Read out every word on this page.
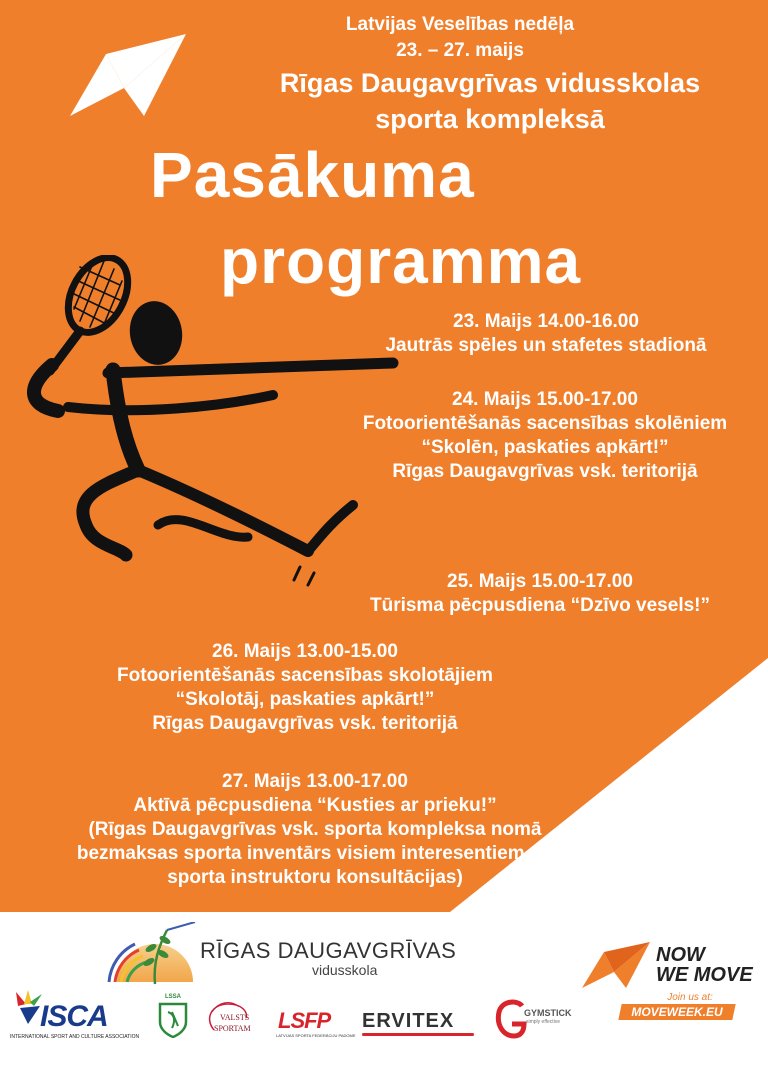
Latvijas Veselības nedēļa
23. – 27. maijs
Rīgas Daugavgrīvas vidusskolas
sporta kompleksā
Pasākuma
programma
23. Maijs 14.00-16.00
Jautrās spēles un stafetes stadionā
24. Maijs 15.00-17.00
Fotoorientēšanās sacensības skolēniem
“Skolēn, paskaties apkārt!”
Rīgas Daugavgrīvas vsk. teritorijā
25. Maijs 15.00-17.00
Tūrisma pēcpusdiena “Dzīvo vesels!”
26. Maijs 13.00-15.00
Fotoorientēšanās sacensības skolotājiem
“Skolotāj, paskaties apkārt!”
Rīgas Daugavgrīvas vsk. teritorijā
27. Maijs 13.00-17.00
Aktīvā pēcpusdiena “Kusties ar prieku!”
(Rīgas Daugavgrīvas vsk. sporta kompleksa nomā
bezmaksas sporta inventārs visiem interesentiem un
sporta instruktoru konsultācijas)
RĪGAS DAUGAVGRĪVAS
vidusskola
NOW
WE MOVE
Join us at:
MOVEWEEK.EU
ISCA
INTERNATIONAL SPORT AND CULTURE ASSOCIATION
LSSA
VALSTS
SPORTAM LSFP
LATVIJAS SPORTA FEDERĀCIJU PADOME
ERVITEX	GYMSTICK
simply effective
